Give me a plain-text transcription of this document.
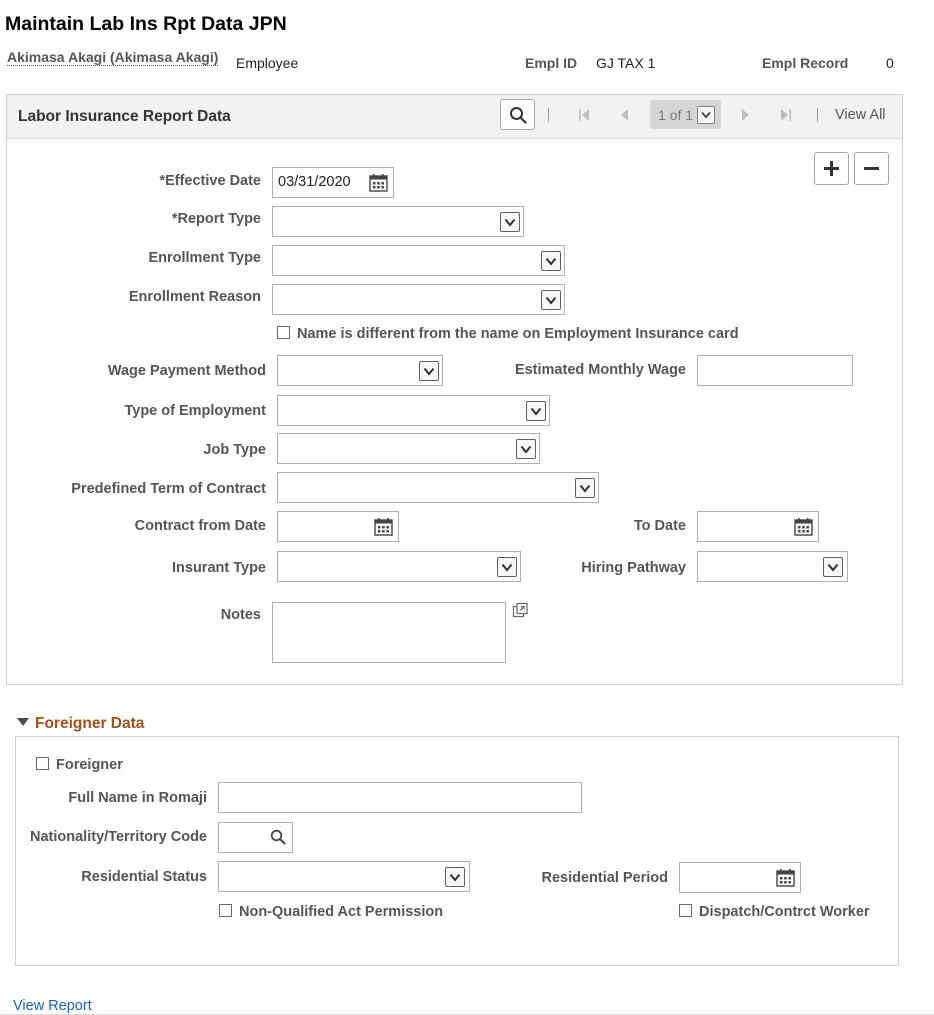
Maintain Lab Ins Rpt Data JPN
Akimasa Akagi (Akimasa Akagi) Employee	Empl ID GJ TAX 1	Empl Record	0
Labor Insurance Report Data	1 of 1	View All
*Effective Date 03/31/2020
*Report Type
Enrollment Type
Enrollment Reason
Name is different from the name on Employment Insurance card
Wage Payment Method	Estimated Monthly Wage
Type of Employment
Job Type
Predefined Term of Contract
Contract from Date	To Date
Insurant Type	Hiring Pathway
Notes
Foreigner Data
Foreigner
Full Name in Romaji
Nationality/Territory Code
Residential Status	Residential Period
Non-Qualified Act Permission	Dispatch/Contrct Worker
View Report
